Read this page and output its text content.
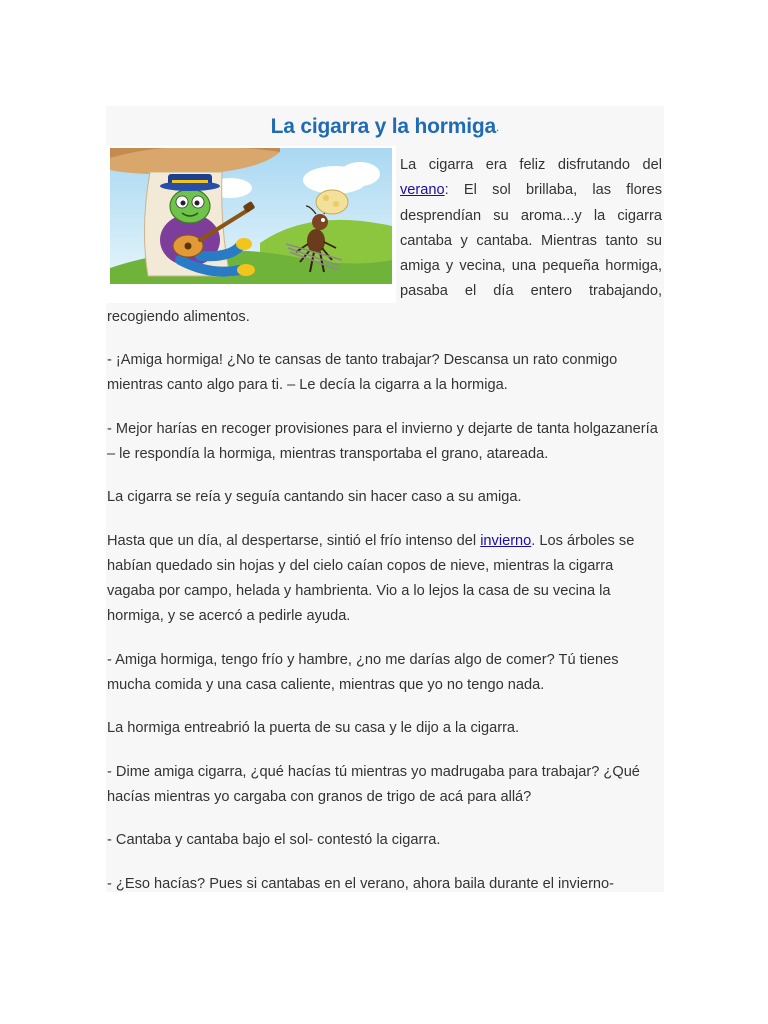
La cigarra y la hormiga .

La cigarra era feliz disfrutando del verano: El sol brillaba, las flores desprendían su aroma...y la cigarra cantaba y cantaba. Mientras tanto su amiga y vecina, una pequeña hormiga, pasaba el día entero trabajando, recogiendo alimentos.

- ¡Amiga hormiga! ¿No te cansas de tanto trabajar? Descansa un rato conmigo mientras canto algo para ti. – Le decía la cigarra a la hormiga.

- Mejor harías en recoger provisiones para el invierno y dejarte de tanta holgazanería – le respondía la hormiga, mientras transportaba el grano, atareada.

La cigarra se reía y seguía cantando sin hacer caso a su amiga.

Hasta que un día, al despertarse, sintió el frío intenso del invierno. Los árboles se habían quedado sin hojas y del cielo caían copos de nieve, mientras la cigarra vagaba por campo, helada y hambrienta. Vio a lo lejos la casa de su vecina la hormiga, y se acercó a pedirle ayuda.

- Amiga hormiga, tengo frío y hambre, ¿no me darías algo de comer? Tú tienes mucha comida y una casa caliente, mientras que yo no tengo nada.

La hormiga entreabrió la puerta de su casa y le dijo a la cigarra.

- Dime amiga cigarra, ¿qué hacías tú mientras yo madrugaba para trabajar? ¿Qué hacías mientras yo cargaba con granos de trigo de acá para allá?

- Cantaba y cantaba bajo el sol- contestó la cigarra.

- ¿Eso hacías? Pues si cantabas en el verano, ahora baila durante el invierno-
